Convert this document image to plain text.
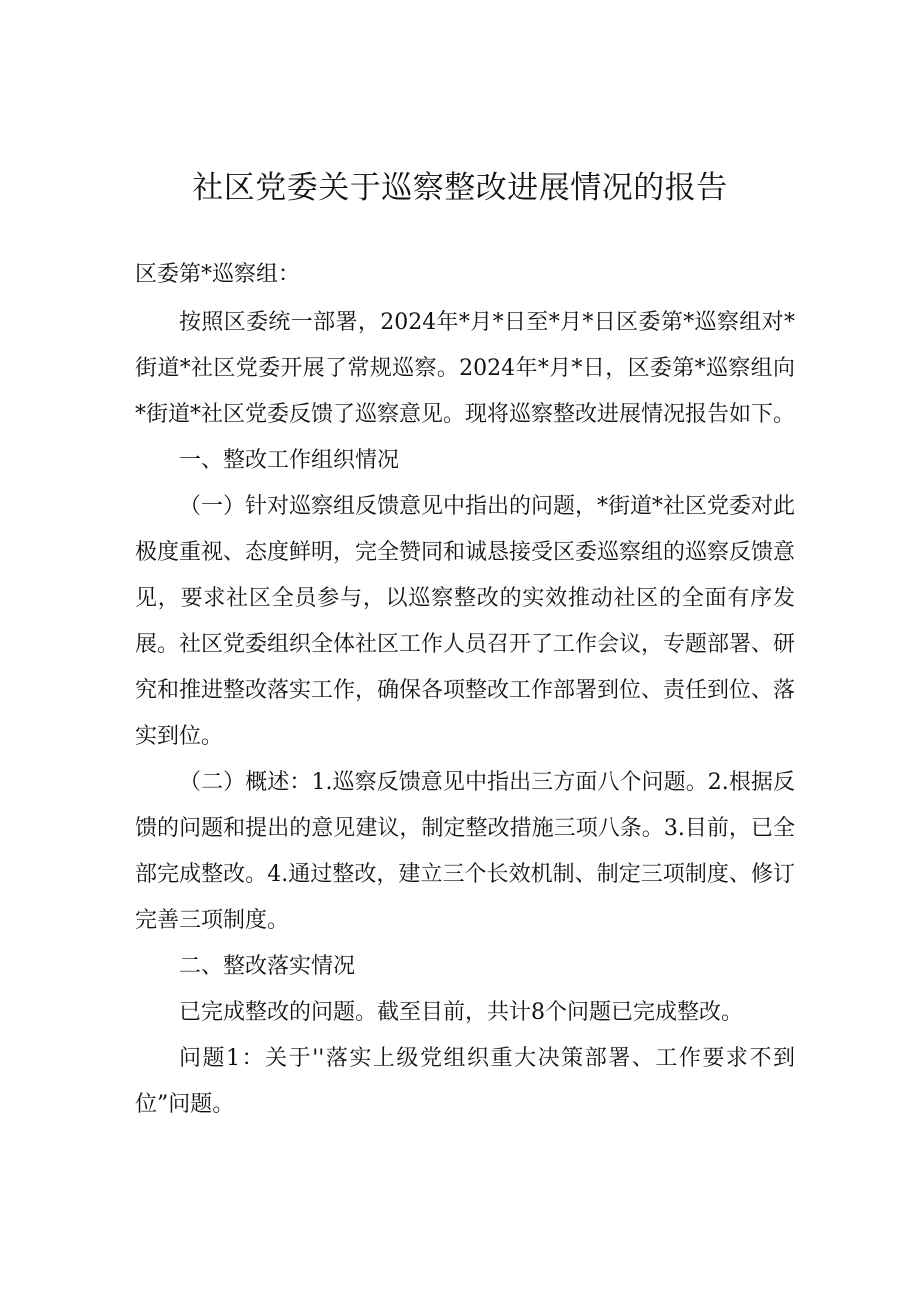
社区党委关于巡察整改进展情况的报告

区委第*巡察组：

按照区委统一部署，2024年*月*日至*月*日区委第*巡察组对*街道*社区党委开展了常规巡察。2024年*月*日，区委第*巡察组向*街道*社区党委反馈了巡察意见。现将巡察整改进展情况报告如下。

一、整改工作组织情况

（一）针对巡察组反馈意见中指出的问题，*街道*社区党委对此极度重视、态度鲜明，完全赞同和诚恳接受区委巡察组的巡察反馈意见，要求社区全员参与，以巡察整改的实效推动社区的全面有序发展。社区党委组织全体社区工作人员召开了工作会议，专题部署、研究和推进整改落实工作，确保各项整改工作部署到位、责任到位、落实到位。

（二）概述：1.巡察反馈意见中指出三方面八个问题。2.根据反馈的问题和提出的意见建议，制定整改措施三项八条。3.目前，已全部完成整改。4.通过整改，建立三个长效机制、制定三项制度、修订完善三项制度。

二、整改落实情况

已完成整改的问题。截至目前，共计8个问题已完成整改。

问题1：关于''落实上级党组织重大决策部署、工作要求不到位”问题。
